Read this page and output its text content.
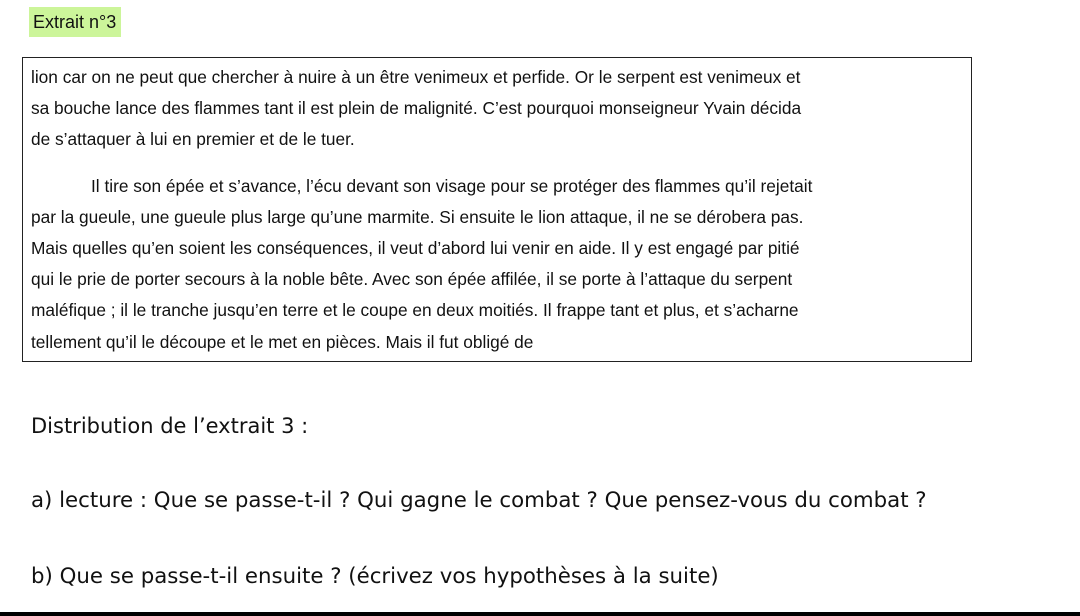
Extrait n°3

lion car on ne peut que chercher à nuire à un être venimeux et perfide. Or le serpent est venimeux et
sa bouche lance des flammes tant il est plein de malignité. C’est pourquoi monseigneur Yvain décida
de s’attaquer à lui en premier et de le tuer.

Il tire son épée et s’avance, l’écu devant son visage pour se protéger des flammes qu’il rejetait
par la gueule, une gueule plus large qu’une marmite. Si ensuite le lion attaque, il ne se dérobera pas.
Mais quelles qu’en soient les conséquences, il veut d’abord lui venir en aide. Il y est engagé par pitié
qui le prie de porter secours à la noble bête. Avec son épée affilée, il se porte à l’attaque du serpent
maléfique ; il le tranche jusqu’en terre et le coupe en deux moitiés. Il frappe tant et plus, et s’acharne
tellement qu’il le découpe et le met en pièces. Mais il fut obligé de

Distribution de l’extrait 3 :
a) lecture : Que se passe-t-il ? Qui gagne le combat ? Que pensez-vous du combat ?
b) Que se passe-t-il ensuite ? (écrivez vos hypothèses à la suite)
